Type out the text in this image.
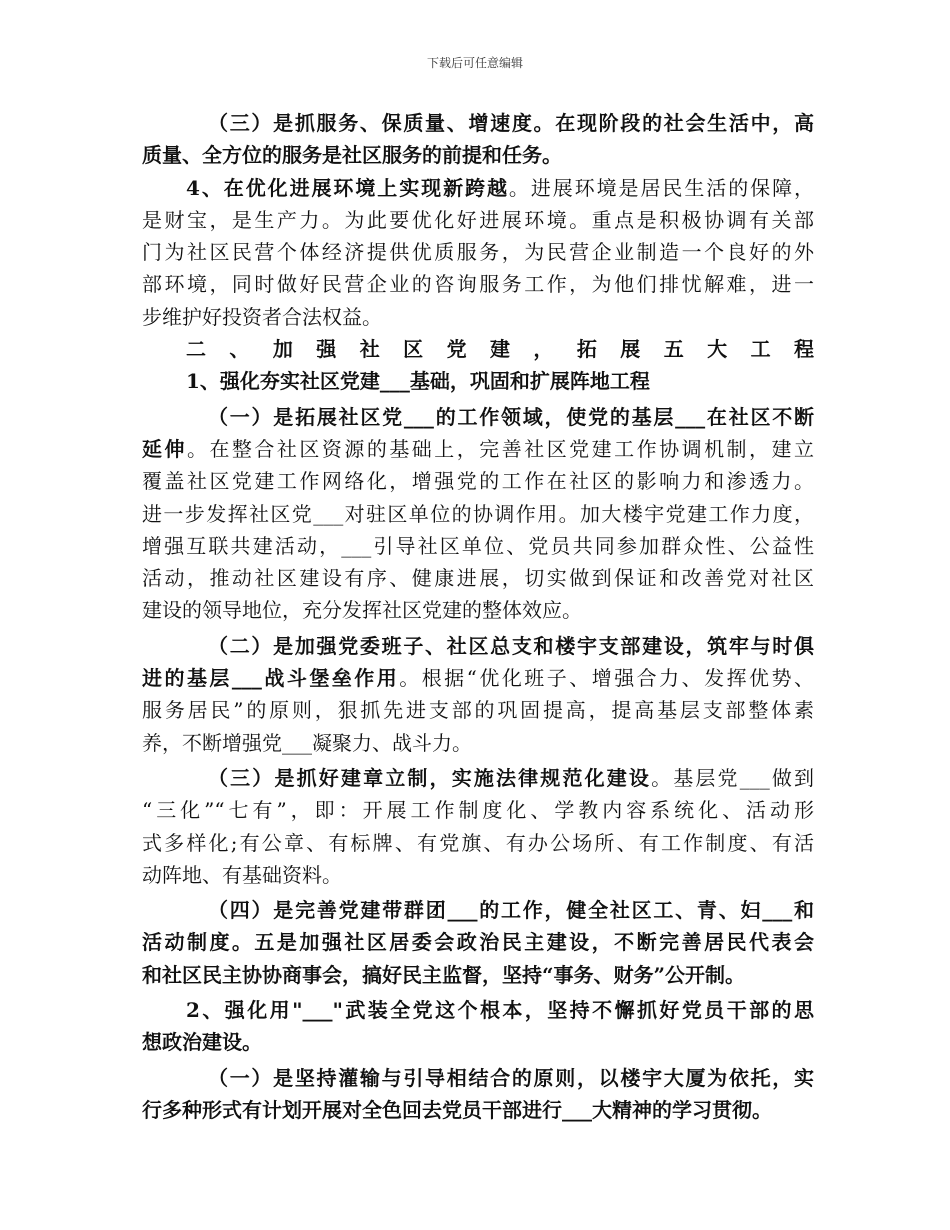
下载后可任意编辑
（三）是抓服务、保质量、增速度。在现阶段的社会生活中，高
质量、全方位的服务是社区服务的前提和任务。
4、在优化进展环境上实现新跨越。进展环境是居民生活的保障，
是财宝，是生产力。为此要优化好进展环境。重点是积极协调有关部
门为社区民营个体经济提供优质服务，为民营企业制造一个良好的外
部环境，同时做好民营企业的咨询服务工作，为他们排忧解难，进一
步维护好投资者合法权益。
二、加强社区党建，拓展五大工程
1、强化夯实社区党建___基础，巩固和扩展阵地工程
（一）是拓展社区党___的工作领域，使党的基层___在社区不断
延伸。在整合社区资源的基础上，完善社区党建工作协调机制，建立
覆盖社区党建工作网络化，增强党的工作在社区的影响力和渗透力。
进一步发挥社区党___对驻区单位的协调作用。加大楼宇党建工作力度，
增强互联共建活动，___引导社区单位、党员共同参加群众性、公益性
活动，推动社区建设有序、健康进展，切实做到保证和改善党对社区
建设的领导地位，充分发挥社区党建的整体效应。
（二）是加强党委班子、社区总支和楼宇支部建设，筑牢与时俱
进的基层___战斗堡垒作用。根据“优化班子、增强合力、发挥优势、
服务居民”的原则，狠抓先进支部的巩固提高，提高基层支部整体素
养，不断增强党___凝聚力、战斗力。
（三）是抓好建章立制，实施法律规范化建设。基层党___做到
“三化”“七有”，即：开展工作制度化、学教内容系统化、活动形
式多样化;有公章、有标牌、有党旗、有办公场所、有工作制度、有活
动阵地、有基础资料。
（四）是完善党建带群团___的工作，健全社区工、青、妇___和
活动制度。五是加强社区居委会政治民主建设，不断完善居民代表会
和社区民主协协商事会，搞好民主监督，坚持“事务、财务”公开制。
2、强化用"___"武装全党这个根本，坚持不懈抓好党员干部的思
想政治建设。
（一）是坚持灌输与引导相结合的原则，以楼宇大厦为依托，实
行多种形式有计划开展对全色回去党员干部进行___大精神的学习贯彻。
